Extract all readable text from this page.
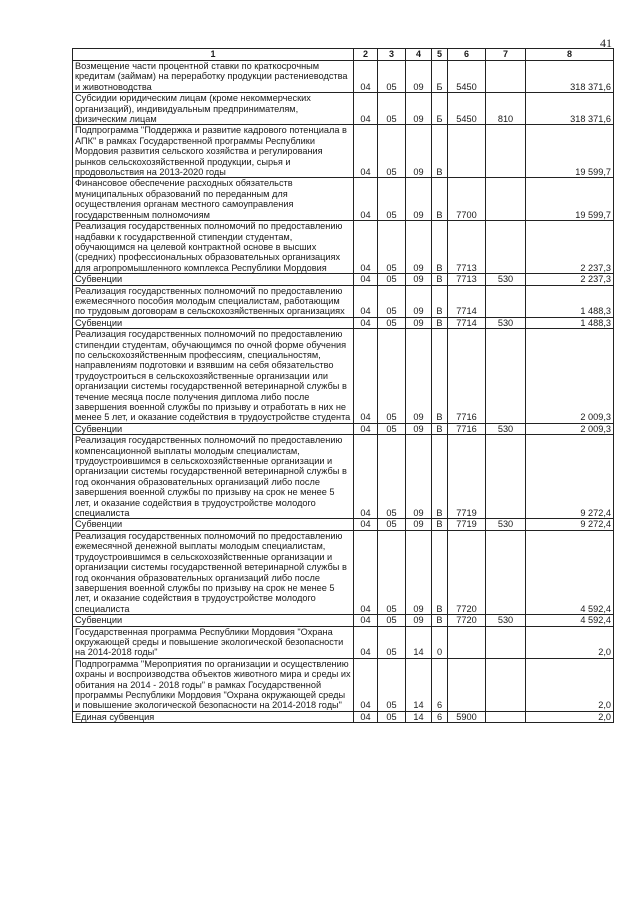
41
1	2	3	4	5	6	7	8
Возмещение части процентной ставки по краткосрочным кредитам (займам) на переработку продукции растениеводства и животноводства	04	05	09	Б	5450		318 371,6
Субсидии юридическим лицам (кроме некоммерческих организаций), индивидуальным предпринимателям, физическим лицам	04	05	09	Б	5450	810	318 371,6
Подпрограмма "Поддержка и развитие кадрового потенциала в АПК" в рамках Государственной программы Республики Мордовия развития сельского хозяйства и регулирования рынков сельскохозяйственной продукции, сырья и продовольствия на 2013-2020 годы	04	05	09	В			19 599,7
Финансовое обеспечение расходных обязательств муниципальных образований по переданным для осуществления органам местного самоуправления государственным полномочиям	04	05	09	В	7700		19 599,7
Реализация государственных полномочий по предоставлению надбавки к государственной стипендии студентам, обучающимся на целевой контрактной основе в высших (средних) профессиональных образовательных организациях для агропромышленного комплекса Республики Мордовия	04	05	09	В	7713		2 237,3
Субвенции	04	05	09	В	7713	530	2 237,3
Реализация государственных полномочий по предоставлению ежемесячного пособия молодым специалистам, работающим по трудовым договорам в сельскохозяйственных организациях	04	05	09	В	7714		1 488,3
Субвенции	04	05	09	В	7714	530	1 488,3
Реализация государственных полномочий по предоставлению стипендии студентам, обучающимся по очной форме обучения по сельскохозяйственным профессиям, специальностям, направлениям подготовки и взявшим на себя обязательство трудоустроиться в сельскохозяйственные организации или организации системы государственной ветеринарной службы в течение месяца после получения диплома либо после завершения военной службы по призыву и отработать в них не менее 5 лет, и оказание содействия в трудоустройстве студента	04	05	09	В	7716		2 009,3
Субвенции	04	05	09	В	7716	530	2 009,3
Реализация государственных полномочий по предоставлению компенсационной выплаты молодым специалистам, трудоустроившимся в сельскохозяйственные организации и организации системы государственной ветеринарной службы в год окончания образовательных организаций либо после завершения военной службы по призыву на срок не менее 5 лет, и оказание содействия в трудоустройстве молодого специалиста	04	05	09	В	7719		9 272,4
Субвенции	04	05	09	В	7719	530	9 272,4
Реализация государственных полномочий по предоставлению ежемесячной денежной выплаты молодым специалистам, трудоустроившимся в сельскохозяйственные организации и организации системы государственной ветеринарной службы в год окончания образовательных организаций либо после завершения военной службы по призыву на срок не менее 5 лет, и оказание содействия в трудоустройстве молодого специалиста	04	05	09	В	7720		4 592,4
Субвенции	04	05	09	В	7720	530	4 592,4
Государственная программа Республики Мордовия "Охрана окружающей среды и повышение экологической безопасности на 2014-2018 годы"	04	05	14	0			2,0
Подпрограмма "Мероприятия по организации и осуществлению охраны и воспроизводства объектов животного мира и среды их обитания на 2014 - 2018 годы" в рамках Государственной программы Республики Мордовия "Охрана окружающей среды и повышение экологической безопасности на 2014-2018 годы"	04	05	14	6			2,0
Единая субвенция	04	05	14	6	5900		2,0
